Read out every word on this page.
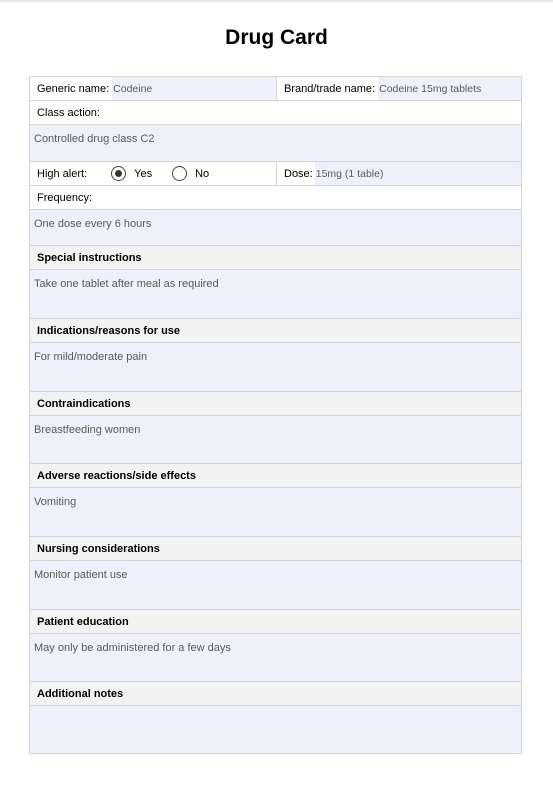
Drug Card
Generic name: Codeine	Brand/trade name: Codeine 15mg tablets
Class action:
Controlled drug class C2
High alert:	Yes	No	Dose: 15mg (1 table)
Frequency:
One dose every 6 hours
Special instructions
Take one tablet after meal as required
Indications/reasons for use
For mild/moderate pain
Contraindications
Breastfeeding women
Adverse reactions/side effects
Vomiting
Nursing considerations
Monitor patient use
Patient education
May only be administered for a few days
Additional notes
